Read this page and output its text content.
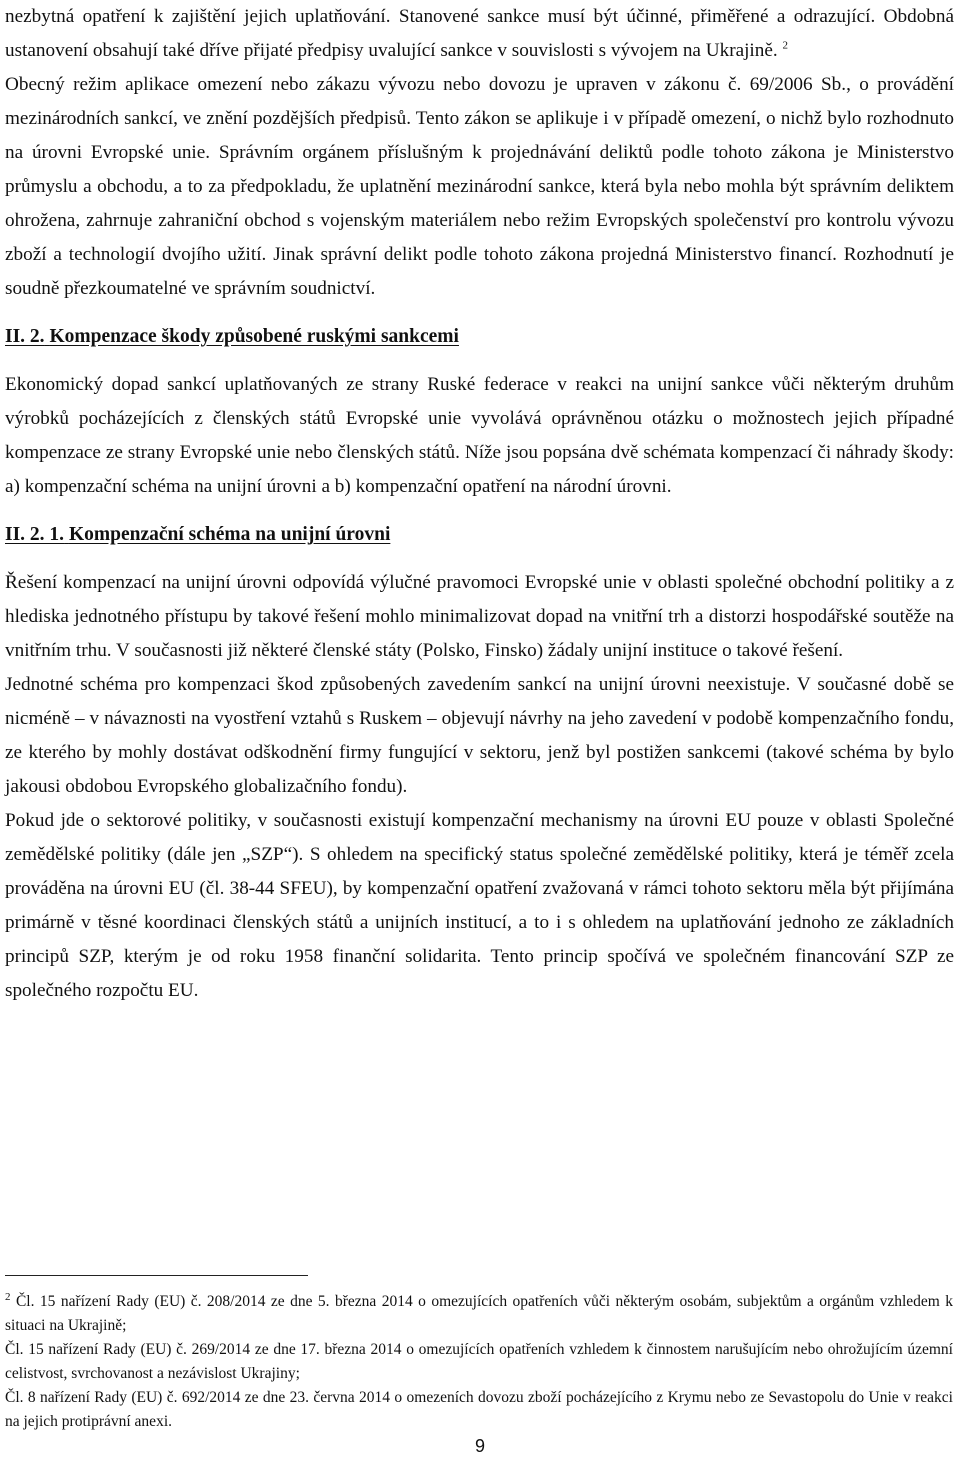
nezbytná opatření k zajištění jejich uplatňování. Stanovené sankce musí být účinné, přiměřené a odrazující. Obdobná ustanovení obsahují také dříve přijaté předpisy uvalující sankce v souvislosti s vývojem na Ukrajině. $^2$

Obecný režim aplikace omezení nebo zákazu vývozu nebo dovozu je upraven v zákonu č. 69/2006 Sb., o provádění mezinárodních sankcí, ve znění pozdějších předpisů. Tento zákon se aplikuje i v případě omezení, o nichž bylo rozhodnuto na úrovni Evropské unie. Správním orgánem příslušným k projednávání deliktů podle tohoto zákona je Ministerstvo průmyslu a obchodu, a to za předpokladu, že uplatnění mezinárodní sankce, která byla nebo mohla být správním deliktem ohrožena, zahrnuje zahraniční obchod s vojenským materiálem nebo režim Evropských společenství pro kontrolu vývozu zboží a technologií dvojího užití. Jinak správní delikt podle tohoto zákona projedná Ministerstvo financí. Rozhodnutí je soudně přezkoumatelné ve správním soudnictví.

II. 2. Kompenzace škody způsobené ruskými sankcemi

Ekonomický dopad sankcí uplatňovaných ze strany Ruské federace v reakci na unijní sankce vůči některým druhům výrobků pocházejících z členských států Evropské unie vyvolává oprávněnou otázku o možnostech jejich případné kompenzace ze strany Evropské unie nebo členských států. Níže jsou popsána dvě schémata kompenzací či náhrady škody: a) kompenzační schéma na unijní úrovni a b) kompenzační opatření na národní úrovni.

II. 2. 1. Kompenzační schéma na unijní úrovni

Řešení kompenzací na unijní úrovni odpovídá výlučné pravomoci Evropské unie v oblasti společné obchodní politiky a z hlediska jednotného přístupu by takové řešení mohlo minimalizovat dopad na vnitřní trh a distorzi hospodářské soutěže na vnitřním trhu. V současnosti již některé členské státy (Polsko, Finsko) žádaly unijní instituce o takové řešení.

Jednotné schéma pro kompenzaci škod způsobených zavedením sankcí na unijní úrovni neexistuje. V současné době se nicméně – v návaznosti na vyostření vztahů s Ruskem – objevují návrhy na jeho zavedení v podobě kompenzačního fondu, ze kterého by mohly dostávat odškodnění firmy fungující v sektoru, jenž byl postižen sankcemi (takové schéma by bylo jakousi obdobou Evropského globalizačního fondu).

Pokud jde o sektorové politiky, v současnosti existují kompenzační mechanismy na úrovni EU pouze v oblasti Společné zemědělské politiky (dále jen „SZP“). S ohledem na specifický status společné zemědělské politiky, která je téměř zcela prováděna na úrovni EU (čl. 38-44 SFEU), by kompenzační opatření zvažovaná v rámci tohoto sektoru měla být přijímána primárně v těsné koordinaci členských států a unijních institucí, a to i s ohledem na uplatňování jednoho ze základních principů SZP, kterým je od roku 1958 finanční solidarita. Tento princip spočívá ve společném financování SZP ze společného rozpočtu EU.

$^2$ Čl. 15 nařízení Rady (EU) č. 208/2014 ze dne 5. března 2014 o omezujících opatřeních vůči některým osobám, subjektům a orgánům vzhledem k situaci na Ukrajině;

Čl. 15 nařízení Rady (EU) č. 269/2014 ze dne 17. března 2014 o omezujících opatřeních vzhledem k činnostem narušujícím nebo ohrožujícím územní celistvost, svrchovanost a nezávislost Ukrajiny;

Čl. 8 nařízení Rady (EU) č. 692/2014 ze dne 23. června 2014 o omezeních dovozu zboží pocházejícího z Krymu nebo ze Sevastopolu do Unie v reakci na jejich protiprávní anexi.

9
